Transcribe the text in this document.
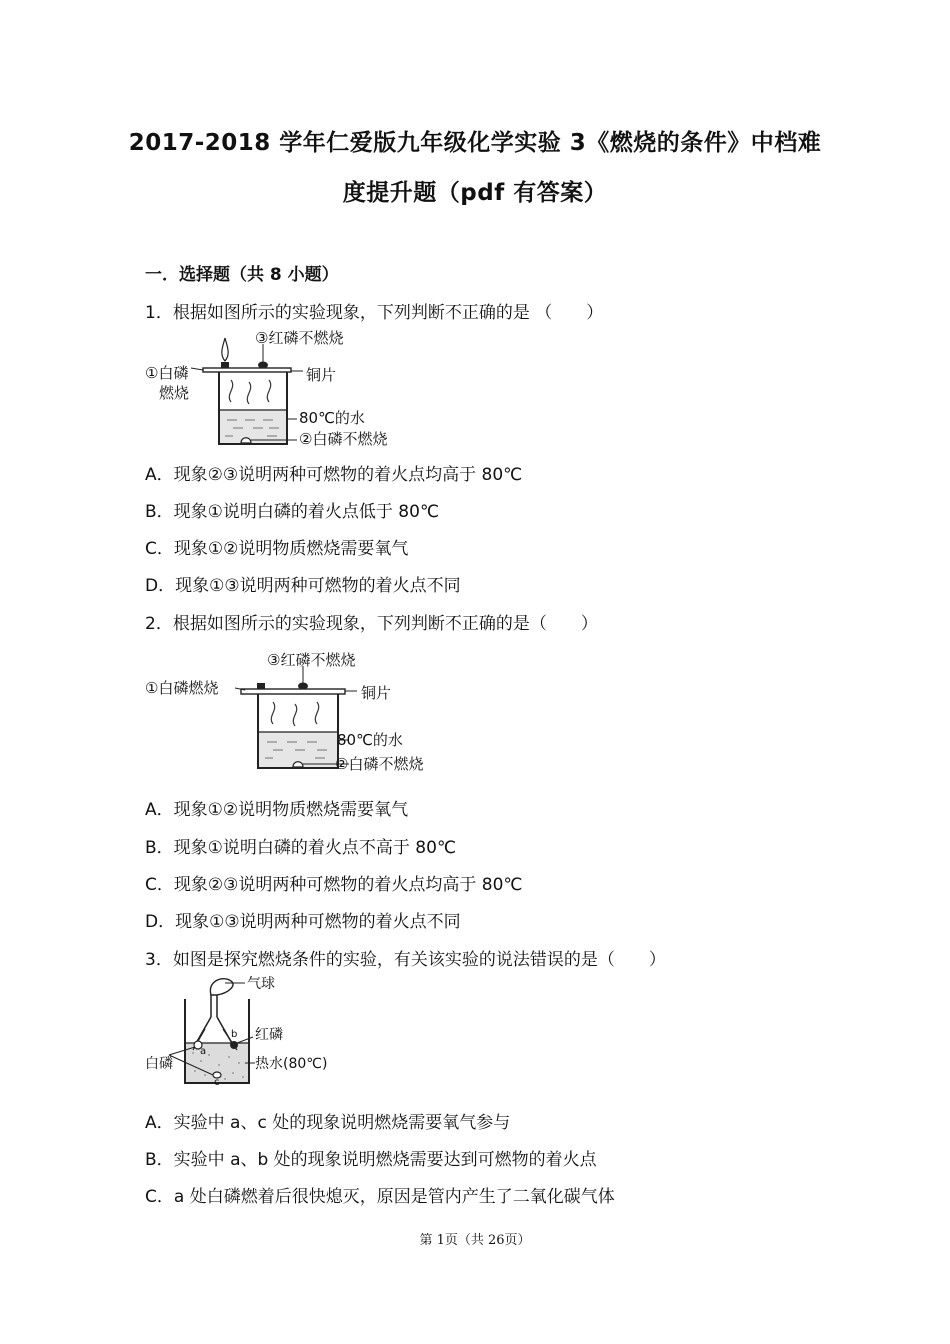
2017-2018 学年仁爱版九年级化学实验 3《燃烧的条件》中档难
度提升题（pdf 有答案）
一．选择题（共 8 小题）
1．根据如图所示的实验现象，下列判断不正确的是 （　　）
③红磷不燃烧
①白磷
燃烧
铜片
80℃的水
②白磷不燃烧
A．现象②③说明两种可燃物的着火点均高于 80℃
B．现象①说明白磷的着火点低于 80℃
C．现象①②说明物质燃烧需要氧气
D．现象①③说明两种可燃物的着火点不同
2．根据如图所示的实验现象，下列判断不正确的是（　　）
③红磷不燃烧
①白磷燃烧	铜片
80℃的水
②白磷不燃烧
A．现象①②说明物质燃烧需要氧气
B．现象①说明白磷的着火点不高于 80℃
C．现象②③说明两种可燃物的着火点均高于 80℃
D．现象①③说明两种可燃物的着火点不同
3．如图是探究燃烧条件的实验，有关该实验的说法错误的是（　　）
a
b
c
气球
红磷
白磷	热水(80℃)
A．实验中 a、c 处的现象说明燃烧需要氧气参与
B．实验中 a、b 处的现象说明燃烧需要达到可燃物的着火点
C．a 处白磷燃着后很快熄灭，原因是管内产生了二氧化碳气体
第 1页（共 26页）
